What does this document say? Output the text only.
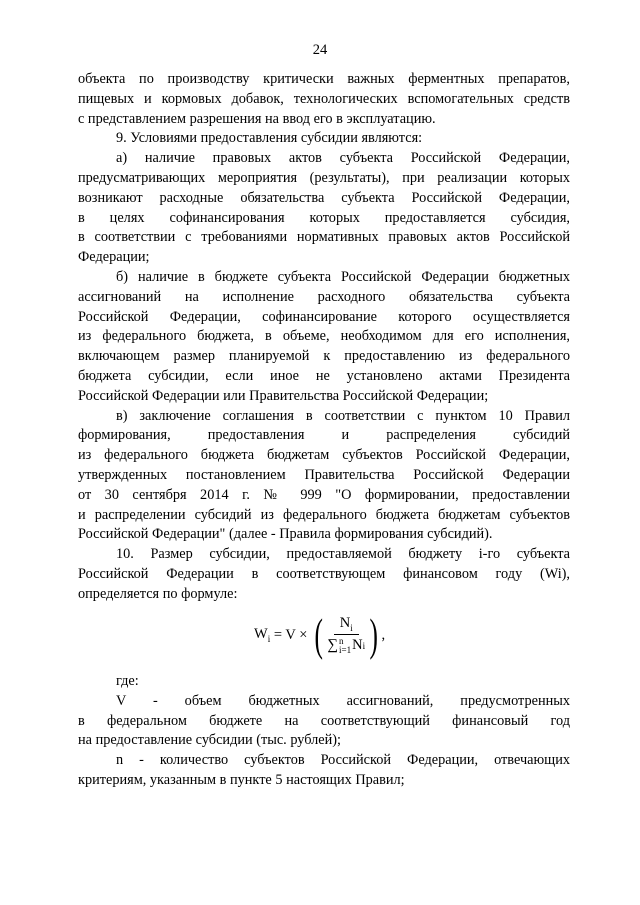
24
объекта по производству критически важных ферментных препаратов,
пищевых и кормовых добавок, технологических вспомогательных средств
с представлением разрешения на ввод его в эксплуатацию.
9. Условиями предоставления субсидии являются:
а) наличие правовых актов субъекта Российской Федерации,
предусматривающих мероприятия (результаты), при реализации которых
возникают расходные обязательства субъекта Российской Федерации,
в целях софинансирования которых предоставляется субсидия,
в соответствии с требованиями нормативных правовых актов Российской
Федерации;
б) наличие в бюджете субъекта Российской Федерации бюджетных
ассигнований на исполнение расходного обязательства субъекта
Российской Федерации, софинансирование которого осуществляется
из федерального бюджета, в объеме, необходимом для его исполнения,
включающем размер планируемой к предоставлению из федерального
бюджета субсидии, если иное не установлено актами Президента
Российской Федерации или Правительства Российской Федерации;
в) заключение соглашения в соответствии с пунктом 10 Правил
формирования, предоставления и распределения субсидий
из федерального бюджета бюджетам субъектов Российской Федерации,
утвержденных постановлением Правительства Российской Федерации
от 30 сентября 2014 г. № 999 "О формировании, предоставлении
и распределении субсидий из федерального бюджета бюджетам субъектов
Российской Федерации" (далее - Правила формирования субсидий).
10. Размер субсидии, предоставляемой бюджету i-го субъекта
Российской Федерации в соответствующем финансовом году (Wi),
определяется по формуле:
$W_i = V$ × ( $N_i$
∑ n
i=1 N i ) ,
где:
V - объем бюджетных ассигнований, предусмотренных
в федеральном бюджете на соответствующий финансовый год
на предоставление субсидии (тыс. рублей);
n - количество субъектов Российской Федерации, отвечающих
критериям, указанным в пункте 5 настоящих Правил;
